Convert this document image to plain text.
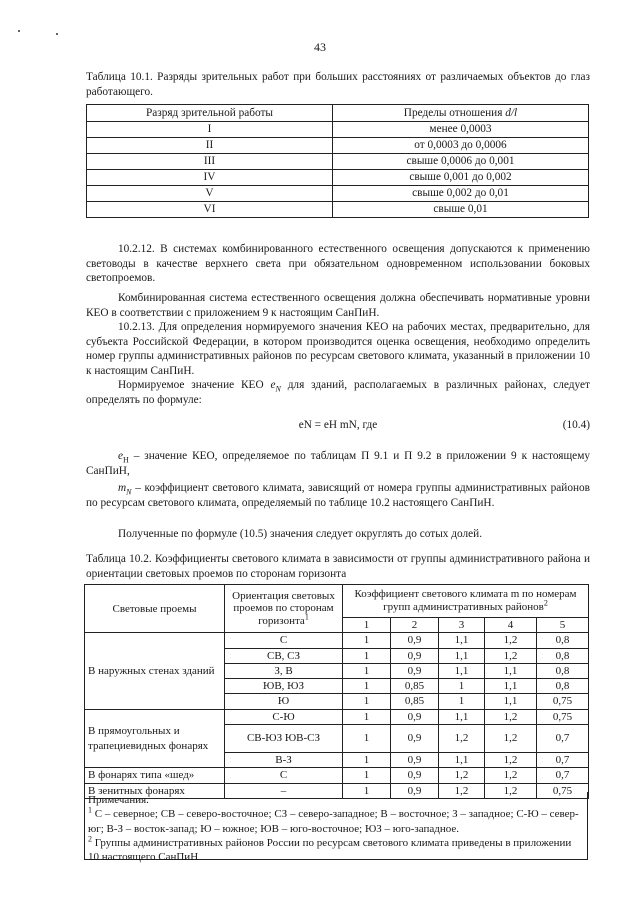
43

Таблица 10.1. Разряды зрительных работ при больших расстояниях от различаемых объектов до глаз работающего.

Разряд зрительной работы	Пределы отношения d/l
I	менее 0,0003
II	от 0,0003 до 0,0006
III	свыше 0,0006 до 0,001
IV	свыше 0,001 до 0,002
V	свыше 0,002 до 0,01
VI	свыше 0,01

10.2.12. В системах комбинированного естественного освещения допускаются к применению световоды в качестве верхнего света при обязательном одновременном использовании боковых светопроемов.

Комбинированная система естественного освещения должна обеспечивать нормативные уровни КЕО в соответствии с приложением 9 к настоящим СанПиН.

10.2.13. Для определения нормируемого значения КЕО на рабочих местах, предварительно, для субъекта Российской Федерации, в котором производится оценка освещения, необходимо определить номер группы административных районов по ресурсам светового климата, указанный в приложении 10 к настоящим СанПиН.

Нормируемое значение КЕО $e_N$ для зданий, располагаемых в различных районах, следует определять по формуле:

eN = eН mN, где	(10.4)

$e_Н$ – значение КЕО, определяемое по таблицам П 9.1 и П 9.2 в приложении 9 к настоящему СанПиН,

$m_N$ – коэффициент светового климата, зависящий от номера группы административных районов по ресурсам светового климата, определяемый по таблице 10.2 настоящего СанПиН.

Полученные по формуле (10.5) значения следует округлять до сотых долей.

Таблица 10.2. Коэффициенты светового климата в зависимости от группы административного района и ориентации световых проемов по сторонам горизонта

Световые проемы	Ориентация световых проемов по сторонам горизонта$^1$	Коэффициент светового климата m по номерам групп административных районов$^2$
		1	2	3	4	5
В наружных стенах зданий	С	1	0,9	1,1	1,2	0,8
	СВ, СЗ	1	0,9	1,1	1,2	0,8
	З, В	1	0,9	1,1	1,1	0,8
	ЮВ, ЮЗ	1	0,85	1	1,1	0,8
	Ю	1	0,85	1	1,1	0,75
В прямоугольных и трапециевидных фонарях	С-Ю	1	0,9	1,1	1,2	0,75
	СВ-ЮЗ ЮВ-СЗ	1	0,9	1,2	1,2	0,7
	В-З	1	0,9	1,1	1,2	0,7
В фонарях типа «шед»	С	1	0,9	1,2	1,2	0,7
В зенитных фонарях	–	1	0,9	1,2	1,2	0,75
Примечания.
$^1$ С – северное; СВ – северо-восточное; СЗ – северо-западное; В – восточное; З – западное; С-Ю – север-юг; В-З – восток-запад; Ю – южное; ЮВ – юго-восточное; ЮЗ – юго-западное.
$^2$ Группы административных районов России по ресурсам светового климата приведены в приложении 10 настоящего СанПиН
